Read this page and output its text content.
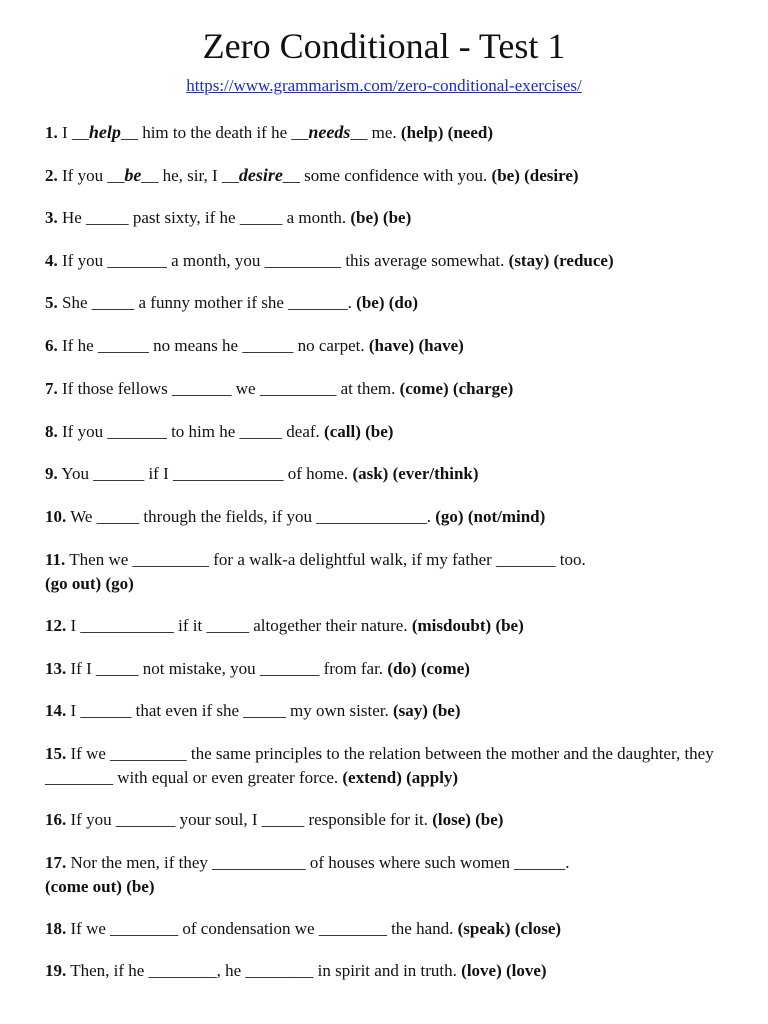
Zero Conditional - Test 1
https://www.grammarism.com/zero-conditional-exercises/
1. I __help__ him to the death if he __needs__ me. (help) (need)
2. If you __be__ he, sir, I __desire__ some confidence with you. (be) (desire)
3. He _____ past sixty, if he _____ a month. (be) (be)
4. If you _______ a month, you _________ this average somewhat. (stay) (reduce)
5. She _____ a funny mother if she _______. (be) (do)
6. If he ______ no means he ______ no carpet. (have) (have)
7. If those fellows _______ we _________ at them. (come) (charge)
8. If you _______ to him he _____ deaf. (call) (be)
9. You ______ if I _____________ of home. (ask) (ever/think)
10. We _____ through the fields, if you _____________. (go) (not/mind)
11. Then we _________ for a walk-a delightful walk, if my father _______ too.
(go out) (go)
12. I ___________ if it _____ altogether their nature. (misdoubt) (be)
13. If I _____ not mistake, you _______ from far. (do) (come)
14. I ______ that even if she _____ my own sister. (say) (be)
15. If we _________ the same principles to the relation between the mother and the daughter, they ________ with equal or even greater force. (extend) (apply)
16. If you _______ your soul, I _____ responsible for it. (lose) (be)
17. Nor the men, if they ___________ of houses where such women ______.
(come out) (be)
18. If we ________ of condensation we ________ the hand. (speak) (close)
19. Then, if he ________, he ________ in spirit and in truth. (love) (love)
